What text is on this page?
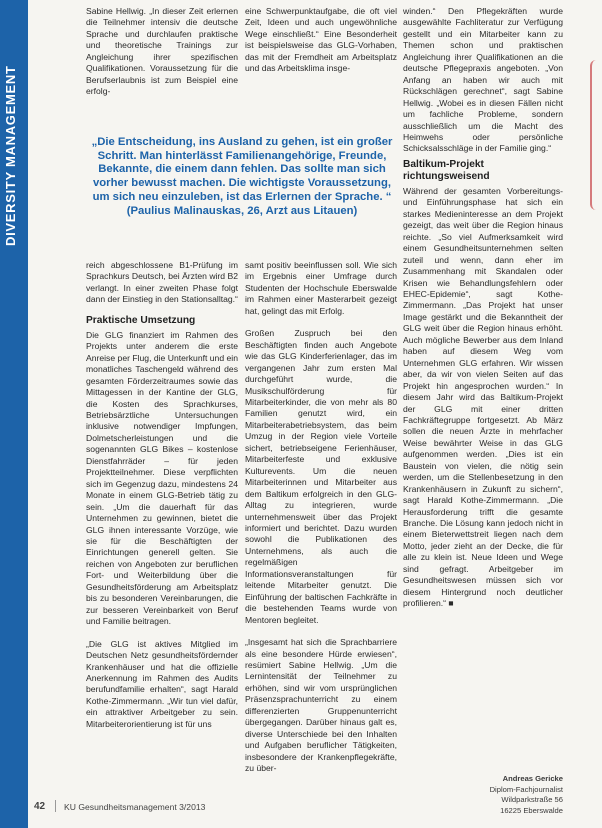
DIVERSITY MANAGEMENT

Sabine Hellwig. „In dieser Zeit erlernen die Teilnehmer intensiv die deutsche Sprache und durchlaufen praktische und theoretische Trainings zur Angleichung ihrer spezifischen Qualifikationen. Voraussetzung für die Berufserlaubnis ist zum Beispiel eine erfolg-

eine Schwerpunktaufgabe, die oft viel Zeit, Ideen und auch ungewöhnliche Wege einschließt.“ Eine Besonderheit ist beispielsweise das GLG-Vorhaben, das mit der Fremdheit am Arbeitsplatz und das Arbeitsklima insge-

„Die Entscheidung, ins Ausland zu gehen, ist ein großer Schritt. Man hinterlässt Familienangehörige, Freunde, Bekannte, die einem dann fehlen. Das sollte man sich vorher bewusst machen. Die wichtigste Voraussetzung, um sich neu einzuleben, ist das Erlernen der Sprache. “
(Paulius Malinauskas, 26, Arzt aus Litauen)

reich abgeschlossene B1-Prüfung im Sprachkurs Deutsch, bei Ärzten wird B2 verlangt. In einer zweiten Phase folgt dann der Einstieg in den Stationsalltag.“

Praktische Umsetzung

Die GLG finanziert im Rahmen des Projekts unter anderem die erste Anreise per Flug, die Unterkunft und ein monatliches Taschengeld während des gesamten Förderzeitraumes sowie das Mittagessen in der Kantine der GLG, die Kosten des Sprachkurses, Betriebsärztliche Untersuchungen inklusive notwendiger Impfungen, Dolmetscherleistungen und die sogenannten GLG Bikes – kostenlose Dienstfahrräder – für jeden Projektteilnehmer. Diese verpflichten sich im Gegenzug dazu, mindestens 24 Monate in einem GLG-Betrieb tätig zu sein. „Um die dauerhaft für das Unternehmen zu gewinnen, bietet die GLG ihnen interessante Vorzüge, wie sie für die Beschäftigten der Einrichtungen generell gelten. Sie reichen von Angeboten zur beruflichen Fort- und Weiterbildung über die Gesundheitsförderung am Arbeitsplatz bis zu besonderen Vereinbarungen, die zur besseren Vereinbarkeit von Beruf und Familie beitragen.

„Die GLG ist aktives Mitglied im Deutschen Netz gesundheitsfördernder Krankenhäuser und hat die offizielle Anerkennung im Rahmen des Audits berufundfamilie erhalten“, sagt Harald Kothe-Zimmermann. „Wir tun viel dafür, ein attraktiver Arbeitgeber zu sein. Mitarbeiterorientierung ist für uns

samt positiv beeinflussen soll. Wie sich im Ergebnis einer Umfrage durch Studenten der Hochschule Eberswalde im Rahmen einer Masterarbeit gezeigt hat, gelingt das mit Erfolg.

Großen Zuspruch bei den Beschäftigten finden auch Angebote wie das GLG Kinderferienlager, das im vergangenen Jahr zum ersten Mal durchgeführt wurde, die Musikschulförderung für Mitarbeiterkinder, die von mehr als 80 Familien genutzt wird, ein Mitarbeiterabetriebsystem, das beim Umzug in der Region viele Vorteile sichert, betriebseigene Ferienhäuser, Mitarbeiterfeste und exklusive Kulturevents. Um die neuen Mitarbeiterinnen und Mitarbeiter aus dem Baltikum erfolgreich in den GLG-Alltag zu integrieren, wurde unternehmensweit über das Projekt informiert und berichtet. Dazu wurden sowohl die Publikationen des Unternehmens, als auch die regelmäßigen Informationsveranstaltungen für leitende Mitarbeiter genutzt. Die Einführung der baltischen Fachkräfte in die bestehenden Teams wurde von Mentoren begleitet.

„Insgesamt hat sich die Sprachbarriere als eine besondere Hürde erwiesen“, resümiert Sabine Hellwig. „Um die Lernintensität der Teilnehmer zu erhöhen, sind wir vom ursprünglichen Präsenzsprachunterricht zu einem differenzierten Gruppenunterricht übergegangen. Darüber hinaus galt es, diverse Unterschiede bei den Inhalten und Aufgaben beruflicher Tätigkeiten, insbesondere der Krankenpflegekräfte, zu über-

winden.“ Den Pflegekräften wurde ausgewählte Fachliteratur zur Verfügung gestellt und ein Mitarbeiter kann zu Themen schon und praktischen Angleichung ihrer Qualifikationen an die deutsche Pflegepraxis angeboten. „Von Anfang an haben wir auch mit Rückschlägen gerechnet“, sagt Sabine Hellwig. „Wobei es in diesen Fällen nicht um fachliche Probleme, sondern ausschließlich um die Macht des Heimwehs oder persönliche Schicksalsschläge in der Familie ging.“

Baltikum-Projekt richtungsweisend

Während der gesamten Vorbereitungs- und Einführungsphase hat sich ein starkes Medieninteresse an dem Projekt gezeigt, das weit über die Region hinaus reichte. „So viel Aufmerksamkeit wird einem Gesundheitsunternehmen selten zuteil und wenn, dann eher im Zusammenhang mit Skandalen oder Krisen wie Behandlungsfehlern oder EHEC-Epidemie“, sagt Kothe-Zimmermann. „Das Projekt hat unser Image gestärkt und die Bekanntheit der GLG weit über die Region hinaus erhöht. Auch mögliche Bewerber aus dem Inland haben auf diesem Weg vom Unternehmen GLG erfahren. Wir wissen aber, da wir von vielen Seiten auf das Projekt hin angesprochen wurden.“ In diesem Jahr wird das Baltikum-Projekt der GLG mit einer dritten Fachkräftegruppe fortgesetzt. Ab März sollen die neuen Ärzte in mehrfacher Weise bewährter Weise in das GLG aufgenommen werden. „Dies ist ein Baustein von vielen, die nötig sein werden, um die Stellenbesetzung in den Krankenhäusern in Zukunft zu sichern“, sagt Harald Kothe-Zimmermann. „Die Herausforderung trifft die gesamte Branche. Die Lösung kann jedoch nicht in einem Bieterwettstreit liegen nach dem Motto, jeder zieht an der Decke, die für alle zu klein ist. Neue Ideen und Wege sind gefragt. Arbeitgeber im Gesundheitswesen müssen sich vor diesem Hintergrund noch deutlicher profilieren.“ ■

Andreas Gericke
Diplom-Fachjournalist
Wildparkstraße 56
16225 Eberswalde
42 KU Gesundheitsmanagement 3/2013
